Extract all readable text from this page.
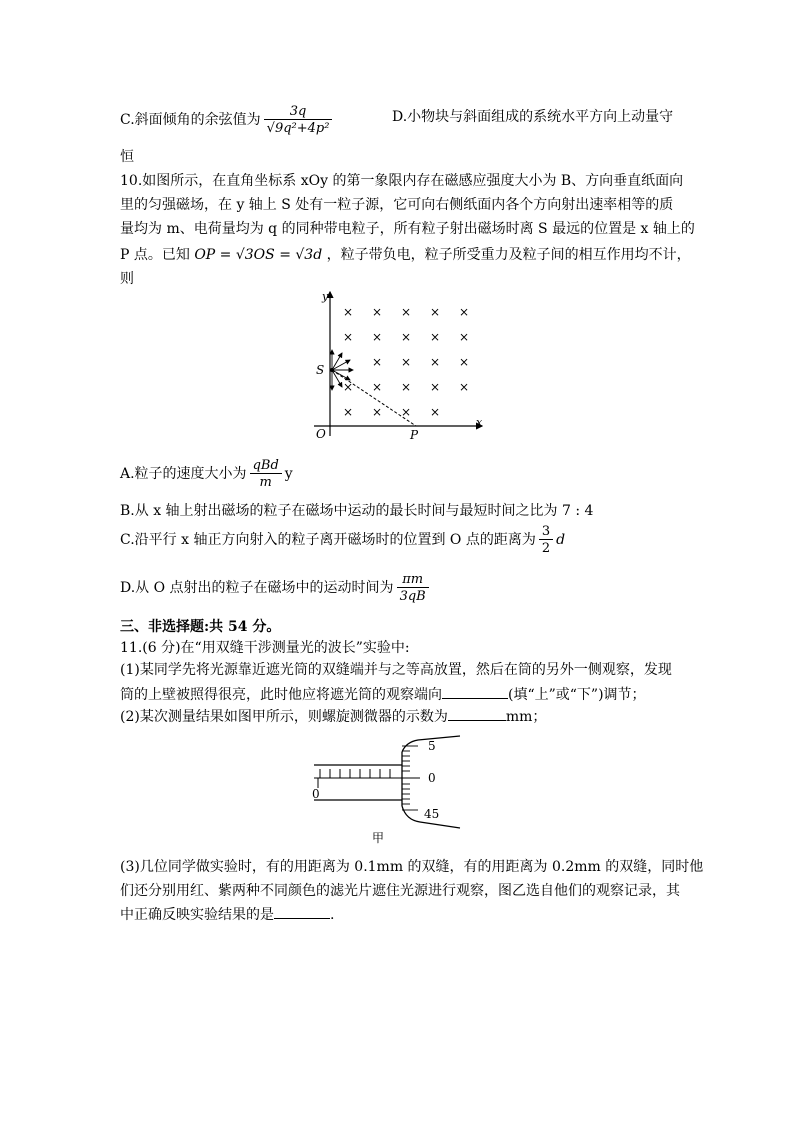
C.斜面倾角的余弦值为 $\frac{3q}{\text{√9q²+4p²}}$	D.小物块与斜面组成的系统水平方向上动量守
恒
10.如图所示，在直角坐标系 xOy 的第一象限内存在磁感应强度大小为 B、方向垂直纸面向
里的匀强磁场，在 y 轴上 S 处有一粒子源，它可向右侧纸面内各个方向射出速率相等的质
量均为 m、电荷量均为 q 的同种带电粒子，所有粒子射出磁场时离 S 最远的位置是 x 轴上的
P 点。已知 OP = √3OS = √3d ，粒子带负电，粒子所受重力及粒子间的相互作用均不计，
则
y
x
O	P
S
× × × × ×
× × × × ×
× × × ×
× × × × ×
× × × ×
A.粒子的速度大小为 $\frac{\text{qBd}}{m}$ y
B.从 x 轴上射出磁场的粒子在磁场中运动的最长时间与最短时间之比为 7 : 4
C.沿平行 x 轴正方向射入的粒子离开磁场时的位置到 O 点的距离为 $\frac{3}{2}$ d
D.从 O 点射出的粒子在磁场中的运动时间为 $\frac{\pi m}{3qB}$
三、非选择题:共 54 分。
11.(6 分)在“用双缝干涉测量光的波长”实验中:
(1)某同学先将光源靠近遮光筒的双缝端并与之等高放置，然后在筒的另外一侧观察，发现
筒的上壁被照得很亮，此时他应将遮光筒的观察端向	(填“上”或“下”)调节；
(2)某次测量结果如图甲所示，则螺旋测微器的示数为	mm；
0
5
0
45
甲
(3)几位同学做实验时，有的用距离为 0.1mm 的双缝，有的用距离为 0.2mm 的双缝，同时他
们还分别用红、紫两种不同颜色的滤光片遮住光源进行观察，图乙选自他们的观察记录，其
中正确反映实验结果的是	.
